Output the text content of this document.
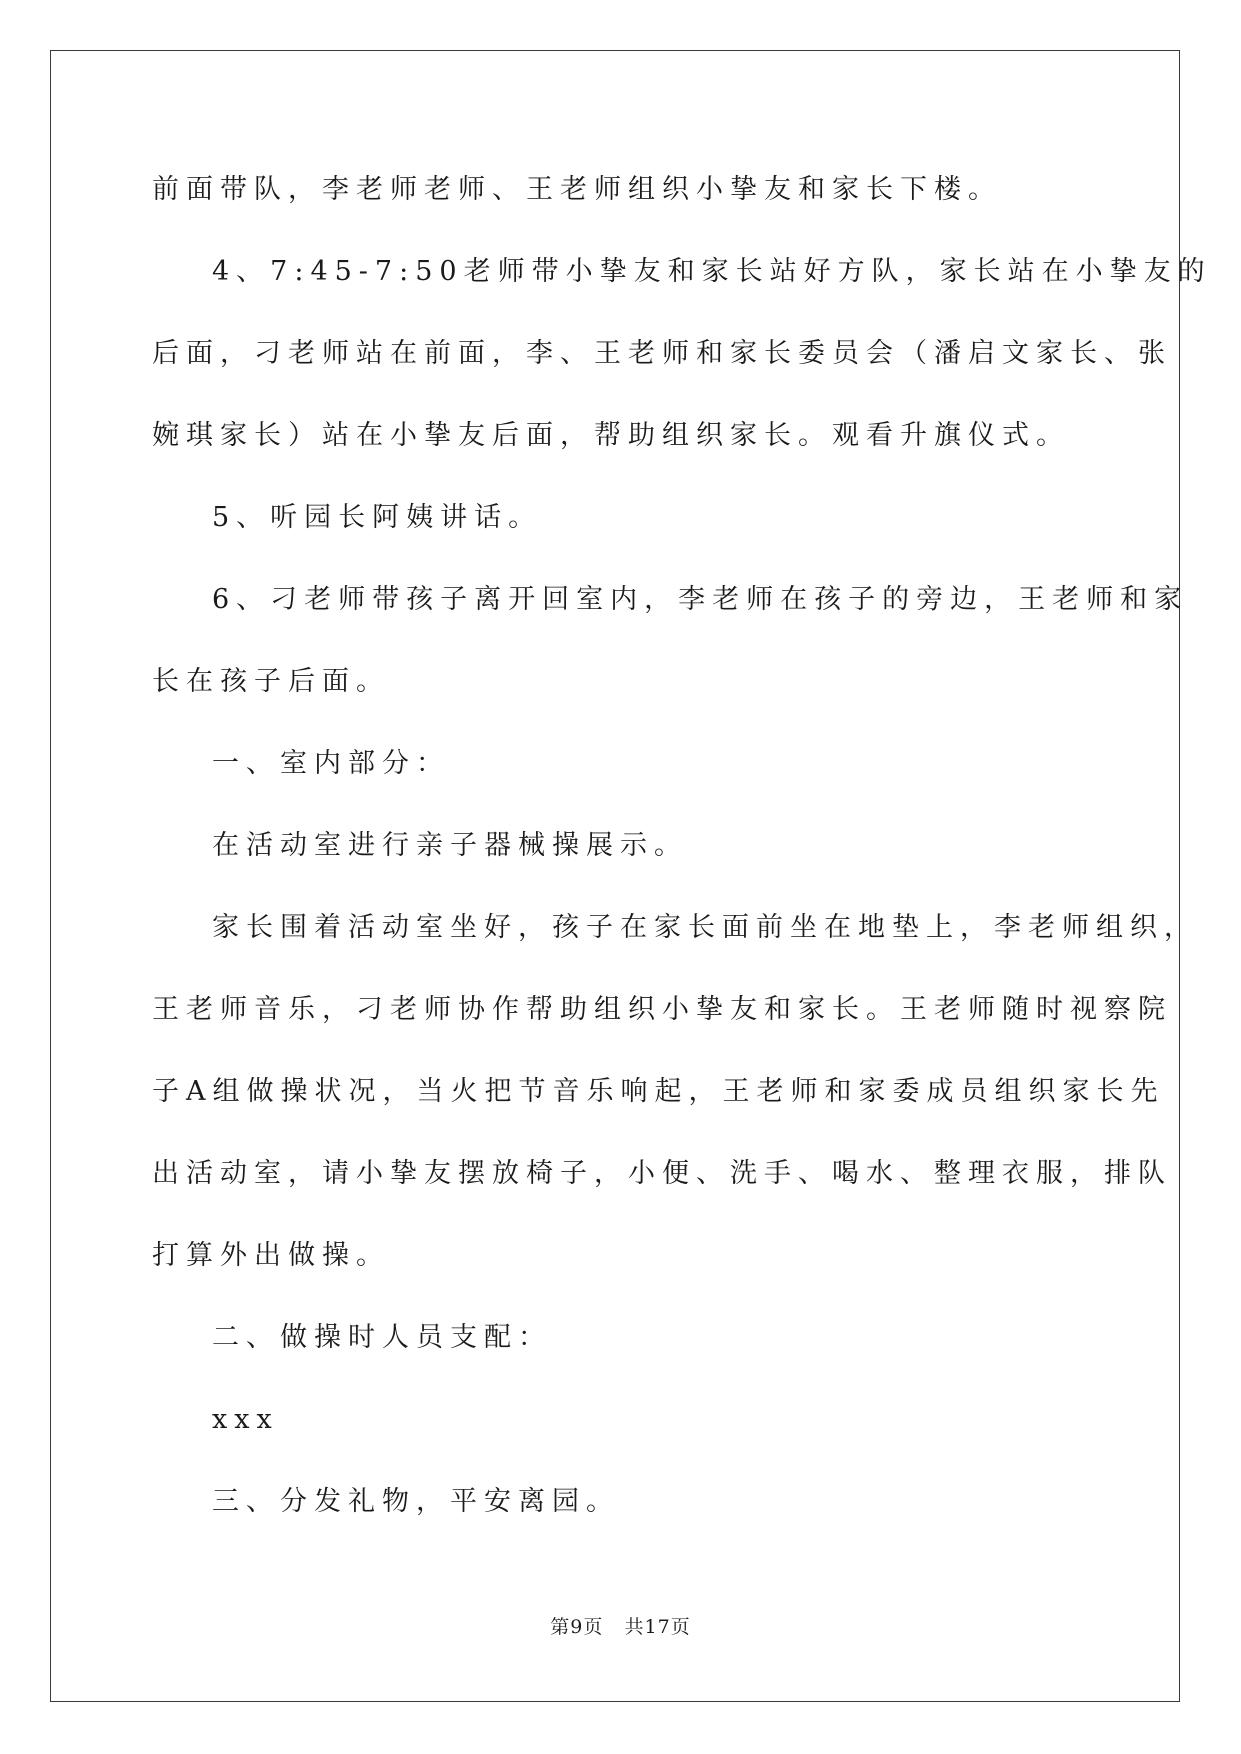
前面带队，李老师老师、王老师组织小挚友和家长下楼。
4、7:45-7:50老师带小挚友和家长站好方队，家长站在小挚友的
后面，刁老师站在前面，李、王老师和家长委员会（潘启文家长、张
婉琪家长）站在小挚友后面，帮助组织家长。观看升旗仪式。
5、听园长阿姨讲话。
6、刁老师带孩子离开回室内，李老师在孩子的旁边，王老师和家
长在孩子后面。
一、室内部分：
在活动室进行亲子器械操展示。
家长围着活动室坐好，孩子在家长面前坐在地垫上，李老师组织，
王老师音乐，刁老师协作帮助组织小挚友和家长。王老师随时视察院
子A组做操状况，当火把节音乐响起，王老师和家委成员组织家长先
出活动室，请小挚友摆放椅子，小便、洗手、喝水、整理衣服，排队
打算外出做操。
二、做操时人员支配：
xxx
三、分发礼物，平安离园。
第9页 共17页
